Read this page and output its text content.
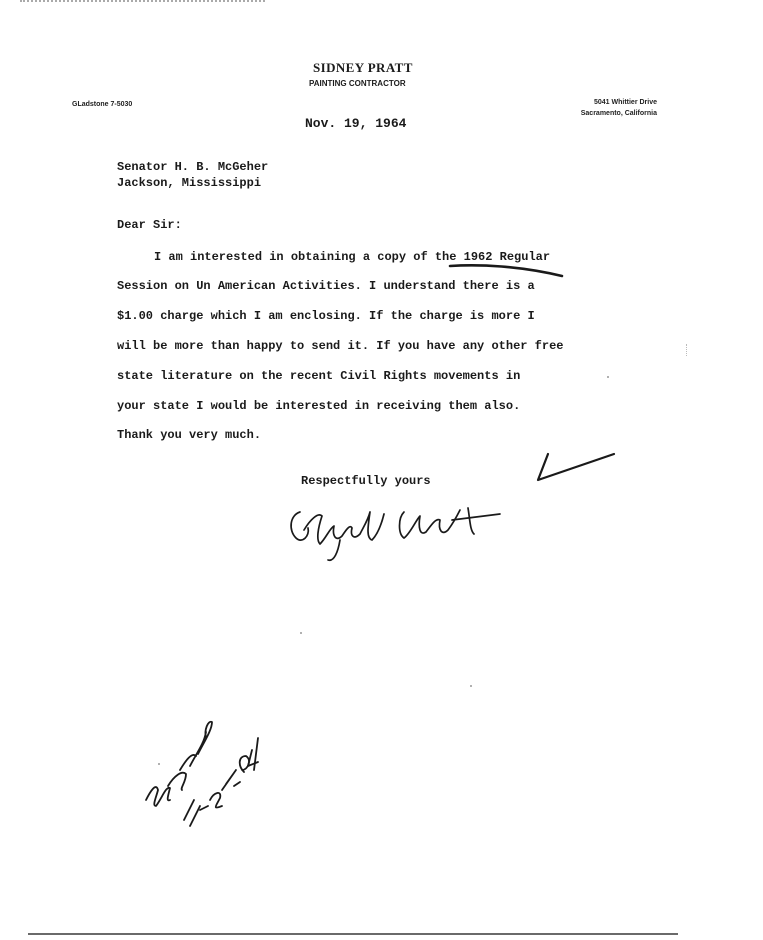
SIDNEY PRATT
PAINTING CONTRACTOR
GLadstone 7-5030	5041 Whittier Drive
Sacramento, California
Nov. 19, 1964
Senator H. B. McGeher
Jackson, Mississippi
Dear Sir:
I am interested in obtaining a copy of the 1962 Regular
Session on Un American Activities. I understand there is a
$1.00 charge which I am enclosing. If the charge is more I
will be more than happy to send it. If you have any other free
state literature on the recent Civil Rights movements in
your state I would be interested in receiving them also.
Thank you very much.
Respectfully yours
